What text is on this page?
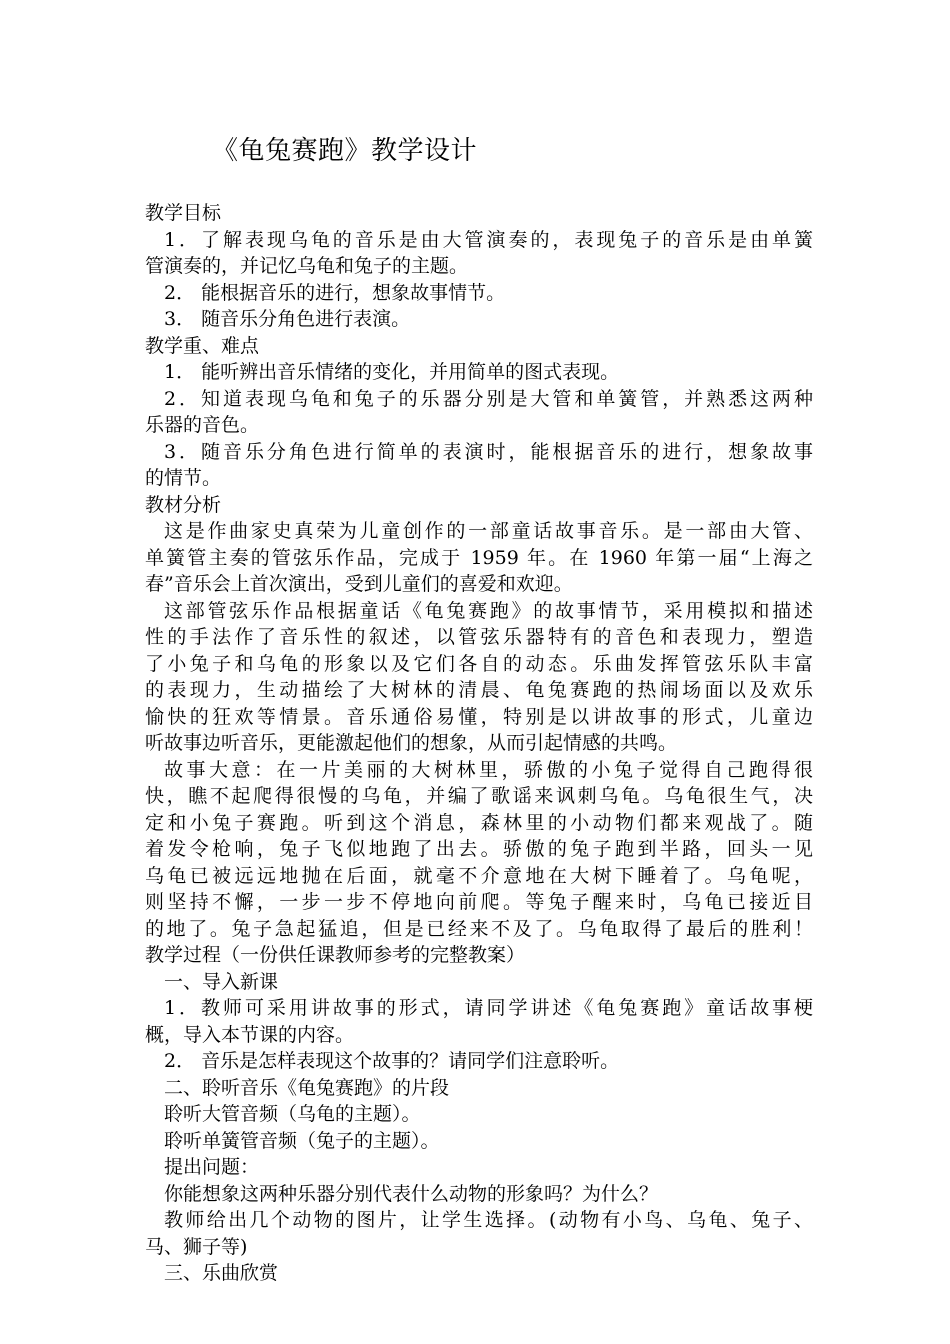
《龟兔赛跑》教学设计
教学目标
1．了解表现乌龟的音乐是由大管演奏的，表现兔子的音乐是由单簧
管演奏的，并记忆乌龟和兔子的主题。
2． 能根据音乐的进行，想象故事情节。
3． 随音乐分角色进行表演。
教学重、难点
1． 能听辨出音乐情绪的变化，并用简单的图式表现。
2．知道表现乌龟和兔子的乐器分别是大管和单簧管，并熟悉这两种
乐器的音色。
3．随音乐分角色进行简单的表演时，能根据音乐的进行，想象故事
的情节。
教材分析
这是作曲家史真荣为儿童创作的一部童话故事音乐。是一部由大管、
单簧管主奏的管弦乐作品，完成于 1959 年。在 1960 年第一届“上海之
春”音乐会上首次演出，受到儿童们的喜爱和欢迎。
这部管弦乐作品根据童话《龟兔赛跑》的故事情节，采用模拟和描述
性的手法作了音乐性的叙述，以管弦乐器特有的音色和表现力，塑造
了小兔子和乌龟的形象以及它们各自的动态。乐曲发挥管弦乐队丰富
的表现力，生动描绘了大树林的清晨、龟兔赛跑的热闹场面以及欢乐
愉快的狂欢等情景。音乐通俗易懂，特别是以讲故事的形式，儿童边
听故事边听音乐，更能激起他们的想象，从而引起情感的共鸣。
故事大意：在一片美丽的大树林里，骄傲的小兔子觉得自己跑得很
快，瞧不起爬得很慢的乌龟，并编了歌谣来讽刺乌龟。乌龟很生气，决
定和小兔子赛跑。听到这个消息，森林里的小动物们都来观战了。随
着发令枪响，兔子飞似地跑了出去。骄傲的兔子跑到半路，回头一见
乌龟已被远远地抛在后面，就毫不介意地在大树下睡着了。乌龟呢，
则坚持不懈，一步一步不停地向前爬。等兔子醒来时，乌龟已接近目
的地了。兔子急起猛追，但是已经来不及了。乌龟取得了最后的胜利！
教学过程（一份供任课教师参考的完整教案）
一、导入新课
1．教师可采用讲故事的形式，请同学讲述《龟兔赛跑》童话故事梗
概，导入本节课的内容。
2． 音乐是怎样表现这个故事的？请同学们注意聆听。
二、聆听音乐《龟兔赛跑》的片段
聆听大管音频（乌龟的主题）。
聆听单簧管音频（兔子的主题）。
提出问题：
你能想象这两种乐器分别代表什么动物的形象吗？为什么？
教师给出几个动物的图片，让学生选择。(动物有小鸟、乌龟、兔子、
马、狮子等)
三、乐曲欣赏
